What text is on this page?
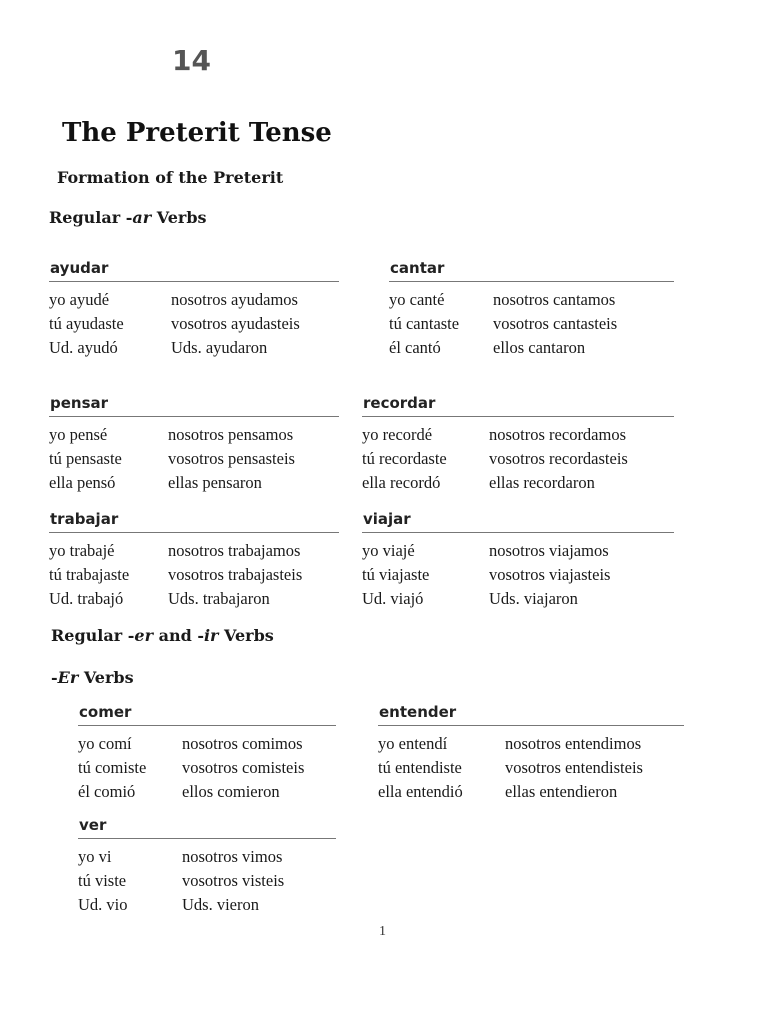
14
The Preterit Tense
Formation of the Preterit
Regular -ar Verbs
ayudar
yo ayudé	nosotros ayudamos
tú ayudaste	vosotros ayudasteis
Ud. ayudó	Uds. ayudaron
cantar
yo canté	nosotros cantamos
tú cantaste	vosotros cantasteis
él cantó	ellos cantaron
pensar
yo pensé	nosotros pensamos
tú pensaste	vosotros pensasteis
ella pensó	ellas pensaron
recordar
yo recordé	nosotros recordamos
tú recordaste	vosotros recordasteis
ella recordó	ellas recordaron
trabajar
yo trabajé	nosotros trabajamos
tú trabajaste	vosotros trabajasteis
Ud. trabajó	Uds. trabajaron
viajar
yo viajé	nosotros viajamos
tú viajaste	vosotros viajasteis
Ud. viajó	Uds. viajaron
Regular -er and -ir Verbs
-Er Verbs
comer
yo comí	nosotros comimos
tú comiste	vosotros comisteis
él comió	ellos comieron
entender
yo entendí	nosotros entendimos
tú entendiste	vosotros entendisteis
ella entendió	ellas entendieron
ver
yo vi	nosotros vimos
tú viste	vosotros visteis
Ud. vio	Uds. vieron
1
